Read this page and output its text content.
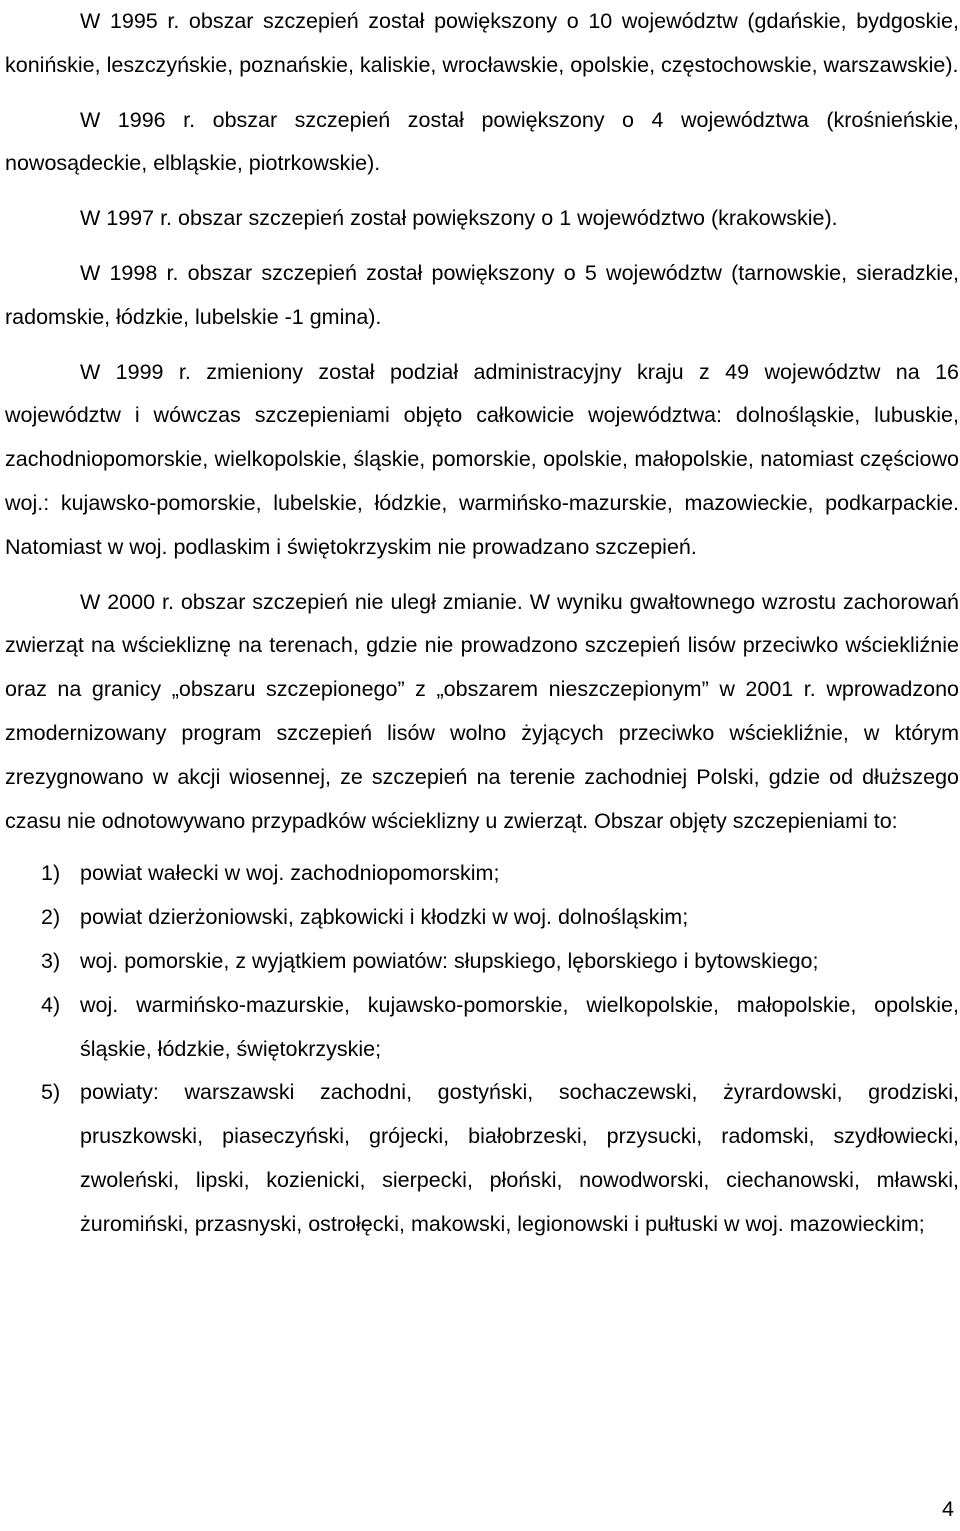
W 1995 r. obszar szczepień został powiększony o 10 województw (gdańskie, bydgoskie, konińskie, leszczyńskie, poznańskie, kaliskie, wrocławskie, opolskie, częstochowskie, warszawskie).

W 1996 r. obszar szczepień został powiększony o 4 województwa (krośnieńskie, nowosądeckie, elbląskie, piotrkowskie).

W 1997 r. obszar szczepień został powiększony o 1 województwo (krakowskie).

W 1998 r. obszar szczepień został powiększony o 5 województw (tarnowskie, sieradzkie, radomskie, łódzkie, lubelskie -1 gmina).

W 1999 r. zmieniony został podział administracyjny kraju z 49 województw na 16 województw i wówczas szczepieniami objęto całkowicie województwa: dolnośląskie, lubuskie, zachodniopomorskie, wielkopolskie, śląskie, pomorskie, opolskie, małopolskie, natomiast częściowo woj.: kujawsko-pomorskie, lubelskie, łódzkie, warmińsko-mazurskie, mazowieckie, podkarpackie. Natomiast w woj. podlaskim i świętokrzyskim nie prowadzano szczepień.

W 2000 r. obszar szczepień nie uległ zmianie. W wyniku gwałtownego wzrostu zachorowań zwierząt na wściekliznę na terenach, gdzie nie prowadzono szczepień lisów przeciwko wściekliźnie oraz na granicy „obszaru szczepionego” z „obszarem nieszczepionym” w 2001 r. wprowadzono zmodernizowany program szczepień lisów wolno żyjących przeciwko wściekliźnie, w którym zrezygnowano w akcji wiosennej, ze szczepień na terenie zachodniej Polski, gdzie od dłuższego czasu nie odnotowywano przypadków wścieklizny u zwierząt. Obszar objęty szczepieniami to:

1) powiat wałecki w woj. zachodniopomorskim;
2) powiat dzierżoniowski, ząbkowicki i kłodzki w woj. dolnośląskim;
3) woj. pomorskie, z wyjątkiem powiatów: słupskiego, lęborskiego i bytowskiego;
4) woj. warmińsko-mazurskie, kujawsko-pomorskie, wielkopolskie, małopolskie, opolskie, śląskie, łódzkie, świętokrzyskie;
5) powiaty: warszawski zachodni, gostyński, sochaczewski, żyrardowski, grodziski, pruszkowski, piaseczyński, grójecki, białobrzeski, przysucki, radomski, szydłowiecki, zwoleński, lipski, kozienicki, sierpecki, płoński, nowodworski, ciechanowski, mławski, żuromiński, przasnyski, ostrołęcki, makowski, legionowski i pułtuski w woj. mazowieckim;
4
